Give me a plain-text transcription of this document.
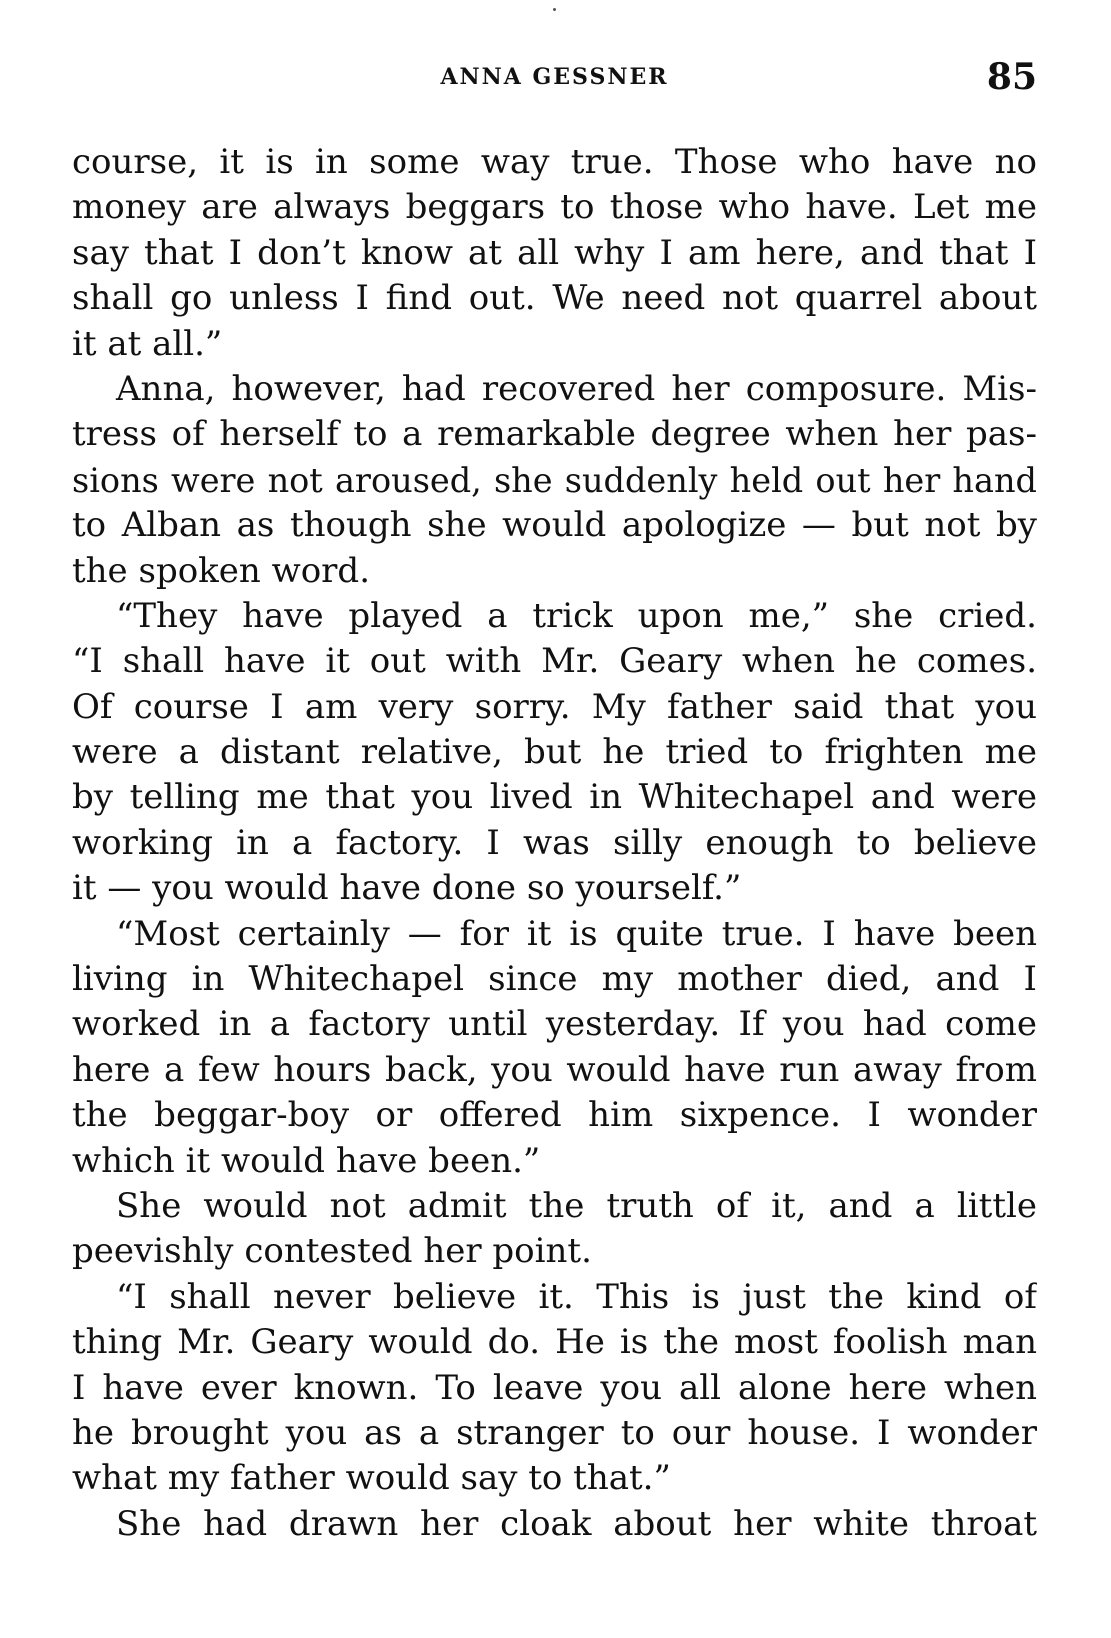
ANNA GESSNER	85
course, it is in some way true. Those who have no
money are always beggars to those who have. Let me
say that I don’t know at all why I am here, and that I
shall go unless I find out. We need not quarrel about
it at all.”
Anna, however, had recovered her composure. Mis-
tress of herself to a remarkable degree when her pas-
sions were not aroused, she suddenly held out her hand
to Alban as though she would apologize — but not by
the spoken word.
“They have played a trick upon me,” she cried.
“I shall have it out with Mr. Geary when he comes.
Of course I am very sorry. My father said that you
were a distant relative, but he tried to frighten me
by telling me that you lived in Whitechapel and were
working in a factory. I was silly enough to believe
it — you would have done so yourself.”
“Most certainly — for it is quite true. I have been
living in Whitechapel since my mother died, and I
worked in a factory until yesterday. If you had come
here a few hours back, you would have run away from
the beggar-boy or offered him sixpence. I wonder
which it would have been.”
She would not admit the truth of it, and a little
peevishly contested her point.
“I shall never believe it. This is just the kind of
thing Mr. Geary would do. He is the most foolish man
I have ever known. To leave you all alone here when
he brought you as a stranger to our house. I wonder
what my father would say to that.”
She had drawn her cloak about her white throat
